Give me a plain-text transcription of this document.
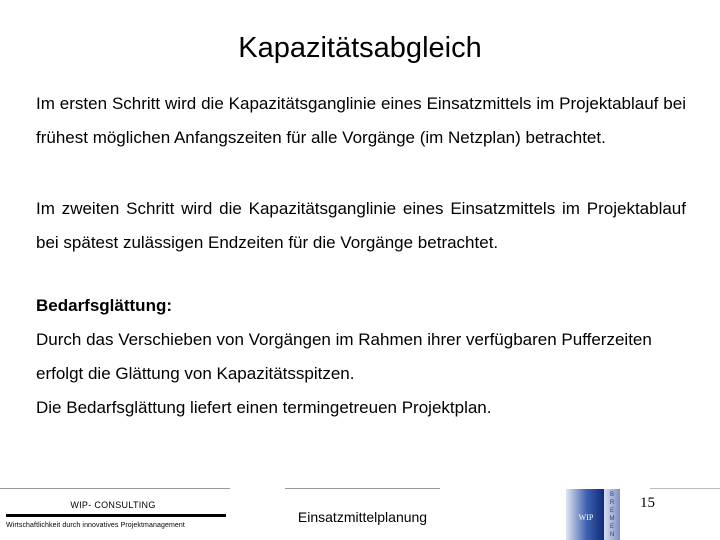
Kapazitätsabgleich
Im ersten Schritt wird die Kapazitätsganglinie eines Einsatzmittels im Projektablauf bei frühest möglichen Anfangszeiten für alle Vorgänge (im Netzplan) betrachtet.
Im zweiten Schritt wird die Kapazitätsganglinie eines Einsatzmittels im Projektablauf bei spätest zulässigen Endzeiten für die Vorgänge betrachtet.
Bedarfsglättung:
Durch das Verschieben von Vorgängen im Rahmen ihrer verfügbaren Pufferzeiten
erfolgt die Glättung von Kapazitätsspitzen.
Die Bedarfsglättung liefert einen termingetreuen Projektplan.
WIP- CONSULTING
Wirtschaftlichkeit durch innovatives Projektmanagement
Einsatzmittelplanung	WIP
B
R
E
M
E
N
15
